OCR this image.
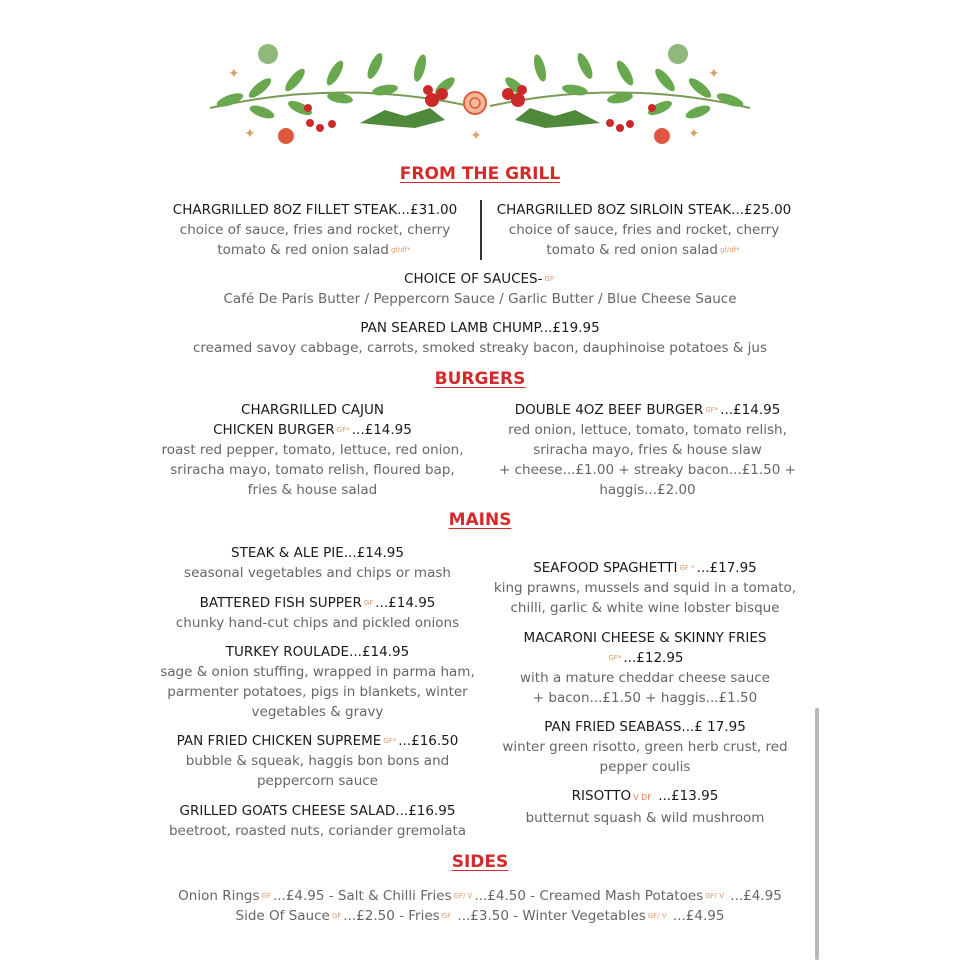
✦
✦	✦
✦
✦
FROM THE GRILL
CHARGRILLED 8OZ FILLET STEAK...£31.00
choice of sauce, fries and rocket, cherry
tomato & red onion salad gf/df*
CHARGRILLED 8OZ SIRLOIN STEAK...£25.00
choice of sauce, fries and rocket, cherry
tomato & red onion salad gf/df*
CHOICE OF SAUCES- GF
Café De Paris Butter / Peppercorn Sauce / Garlic Butter / Blue Cheese Sauce
PAN SEARED LAMB CHUMP...£19.95
creamed savoy cabbage, carrots, smoked streaky bacon, dauphinoise potatoes & jus
BURGERS
CHARGRILLED CAJUN
CHICKEN BURGER GF* ...£14.95
roast red pepper, tomato, lettuce, red onion,
sriracha mayo, tomato relish, floured bap,
fries & house salad
DOUBLE 4OZ BEEF BURGER GF* ...£14.95
red onion, lettuce, tomato, tomato relish,
sriracha mayo, fries & house slaw
+ cheese...£1.00 + streaky bacon...£1.50 +
haggis...£2.00
MAINS
STEAK & ALE PIE...£14.95
seasonal vegetables and chips or mash
BATTERED FISH SUPPER GF ...£14.95
chunky hand-cut chips and pickled onions
TURKEY ROULADE...£14.95
sage & onion stuffing, wrapped in parma ham,
parmenter potatoes, pigs in blankets, winter
vegetables & gravy
PAN FRIED CHICKEN SUPREME GF* ...£16.50
bubble & squeak, haggis bon bons and
peppercorn sauce
GRILLED GOATS CHEESE SALAD...£16.95
beetroot, roasted nuts, coriander gremolata
SEAFOOD SPAGHETTI GF * ...£17.95
king prawns, mussels and squid in a tomato,
chilli, garlic & white wine lobster bisque
MACARONI CHEESE & SKINNY FRIES
GF* ...£12.95
with a mature cheddar cheese sauce
+ bacon...£1.50 + haggis...£1.50
PAN FRIED SEABASS...£ 17.95
winter green risotto, green herb crust, red
pepper coulis
RISOTTO V DF ...£13.95
butternut squash & wild mushroom
SIDES
Onion Rings GF ...£4.95 - Salt & Chilli Fries GF/ V ...£4.50 - Creamed Mash Potatoes GF/ V ...£4.95
Side Of Sauce GF ...£2.50 - Fries GF ...£3.50 - Winter Vegetables GF/ V ...£4.95
